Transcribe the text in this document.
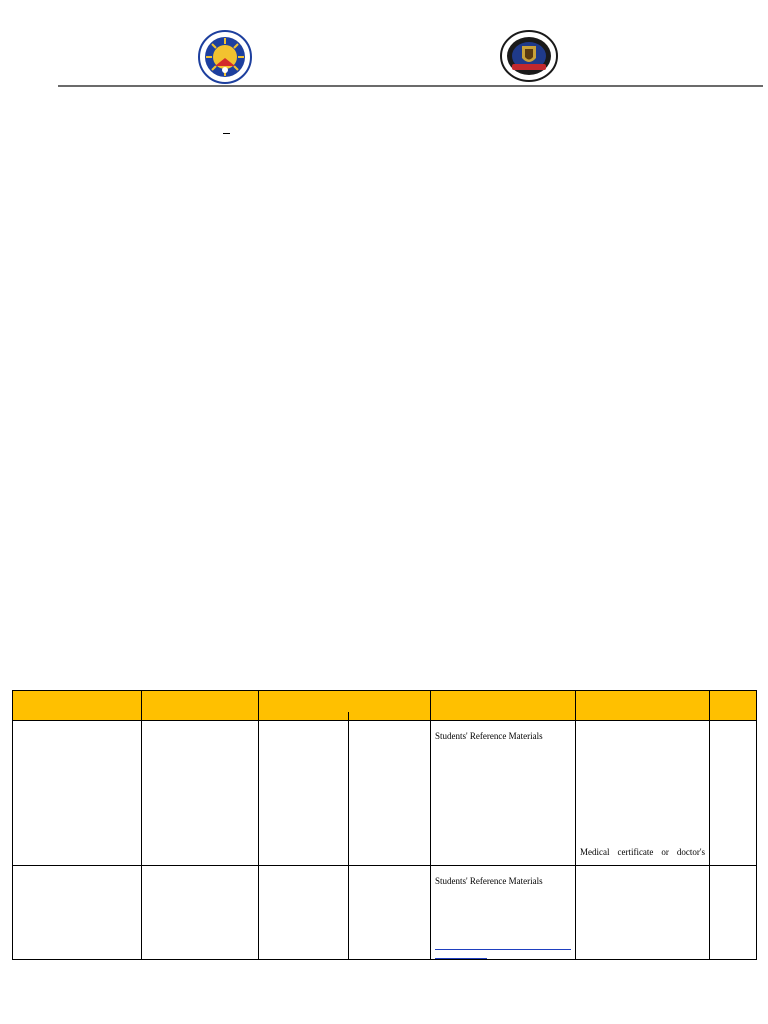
				Students' Reference Materials	Medical certificate or doctor's	

				Students' Reference Materials		
